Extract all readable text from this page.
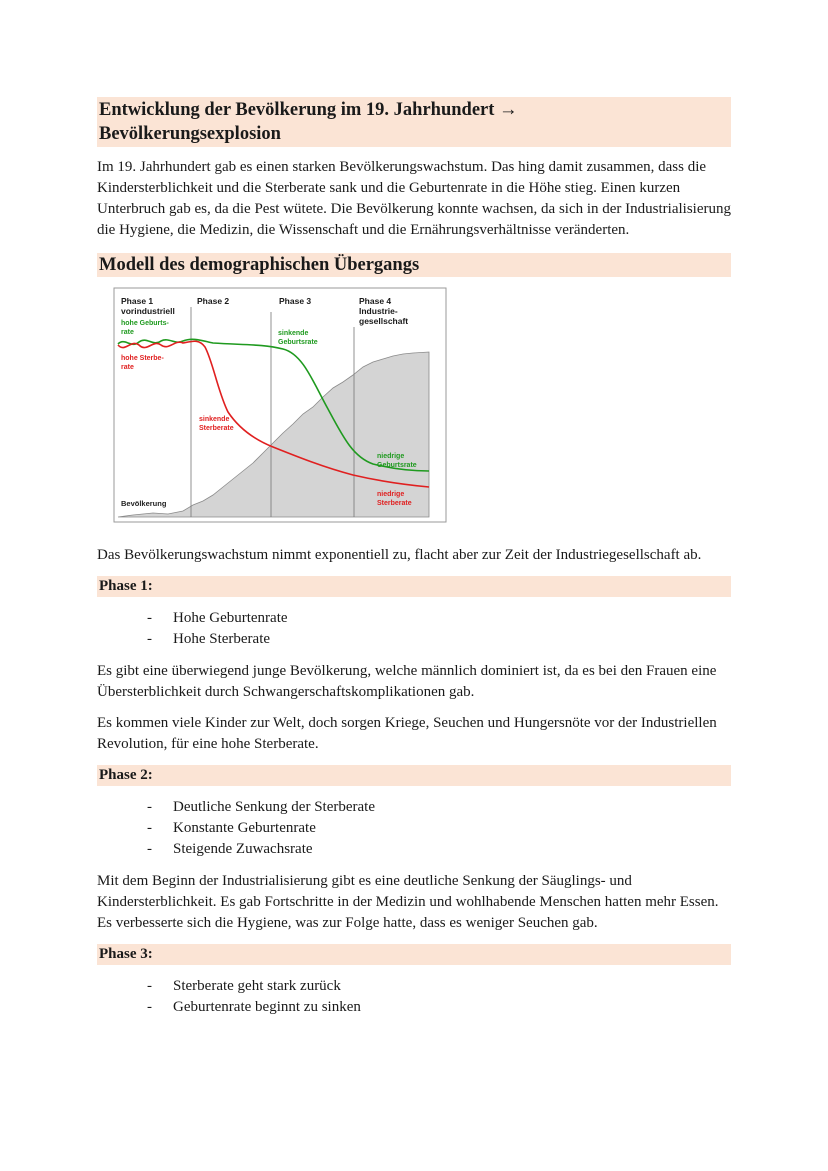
Entwicklung der Bevölkerung im 19. Jahrhundert →
Bevölkerungsexplosion

Im 19. Jahrhundert gab es einen starken Bevölkerungswachstum. Das hing damit zusammen, dass die Kindersterblichkeit und die Sterberate sank und die Geburtenrate in die Höhe stieg. Einen kurzen Unterbruch gab es, da die Pest wütete. Die Bevölkerung konnte wachsen, da sich in der Industrialisierung die Hygiene, die Medizin, die Wissenschaft und die Ernährungsverhältnisse veränderten.

Modell des demographischen Übergangs
Phase 1
vorindustriell
Phase 2	Phase 3	Phase 4
Industrie-
gesellschaft
hohe Geburts-
rate
hohe Sterbe-
rate
sinkende
Geburtsrate
sinkende
Sterberate
niedrige
Geburtsrate
niedrige
Sterberate
Bevölkerung

Das Bevölkerungswachstum nimmt exponentiell zu, flacht aber zur Zeit der Industriegesellschaft ab.

Phase 1:
- Hohe Geburtenrate
- Hohe Sterberate

Es gibt eine überwiegend junge Bevölkerung, welche männlich dominiert ist, da es bei den Frauen eine Übersterblichkeit durch Schwangerschaftskomplikationen gab.

Es kommen viele Kinder zur Welt, doch sorgen Kriege, Seuchen und Hungersnöte vor der Industriellen Revolution, für eine hohe Sterberate.

Phase 2:
- Deutliche Senkung der Sterberate
- Konstante Geburtenrate
- Steigende Zuwachsrate

Mit dem Beginn der Industrialisierung gibt es eine deutliche Senkung der Säuglings- und Kindersterblichkeit. Es gab Fortschritte in der Medizin und wohlhabende Menschen hatten mehr Essen. Es verbesserte sich die Hygiene, was zur Folge hatte, dass es weniger Seuchen gab.

Phase 3:
- Sterberate geht stark zurück
- Geburtenrate beginnt zu sinken
